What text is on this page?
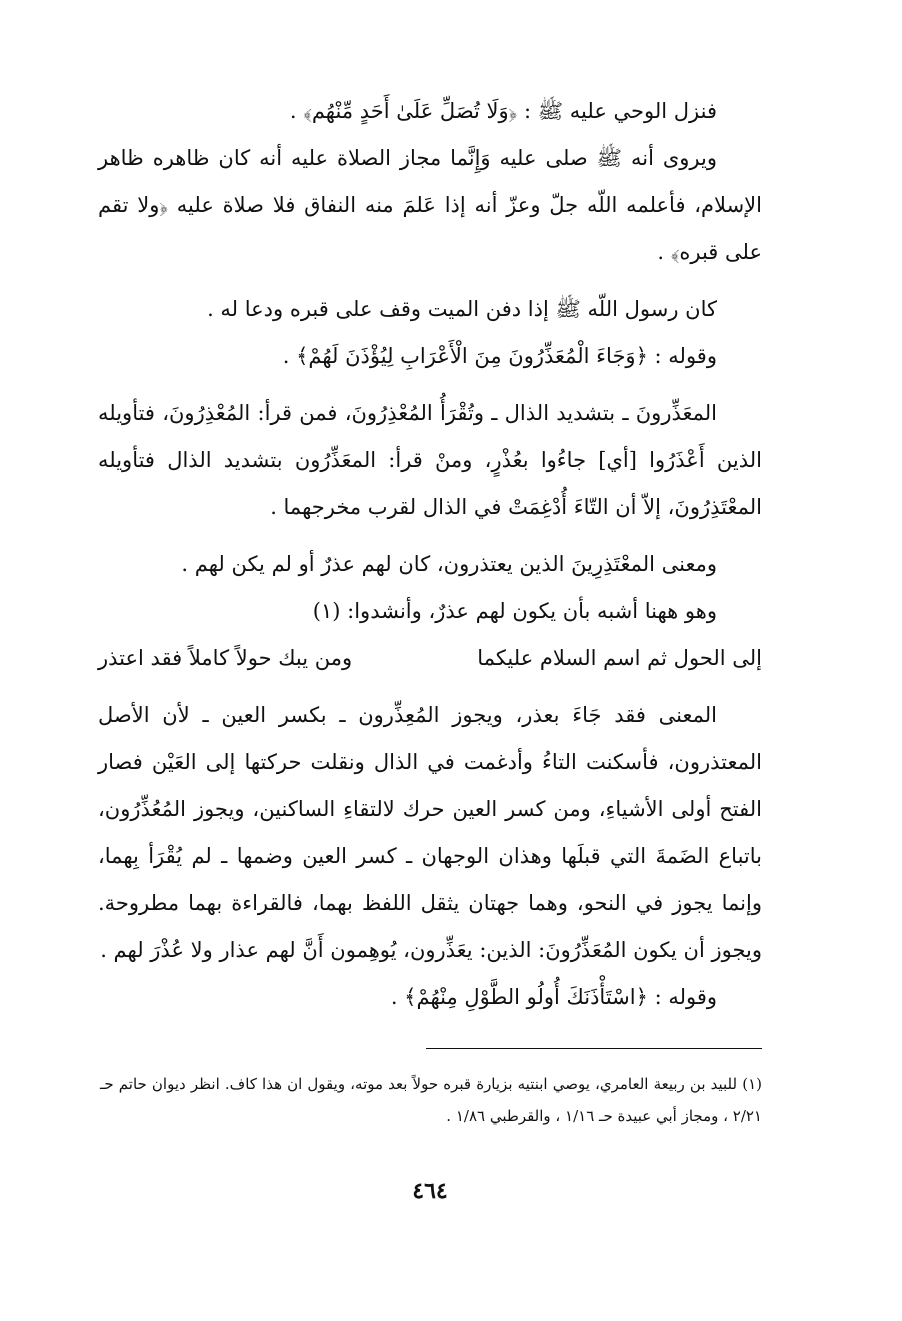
فنزل الوحي عليه ﷺ : ﴿وَلَا تُصَلِّ عَلَىٰ أَحَدٍ مِّنْهُم﴾ .

ويروى أنه ﷺ صلى عليه وَإِنَّما مجاز الصلاة عليه أنه كان ظاهره ظاهر الإسلام، فأعلمه اللّه جلّ وعزّ أنه إذا عَلمَ منه النفاق فلا صلاة عليه ﴿ولا تقم على قبره﴾ .

كان رسول اللّه ﷺ إذا دفن الميت وقف على قبره ودعا له .

وقوله : ﴿وَجَاءَ الْمُعَذِّرُونَ مِنَ الْأَعْرَابِ لِيُؤْذَنَ لَهُمْ﴾ .

المعَذِّرونَ ـ بتشديد الذال ـ وتُقْرَأُ المُعْذِرُونَ، فمن قرأ: المُعْذِرُونَ، فتأويله الذين أَعْذَرُوا [أي] جاءُوا بعُذْرٍ، ومنْ قرأ: المعَذِّرُون بتشديد الذال فتأويله المعْتَذِرُونَ، إلاّ أن التّاءَ أُدْغِمَتْ في الذال لقرب مخرجهما .

ومعنى المعْتَذِرِينَ الذين يعتذرون، كان لهم عذرٌ أو لم يكن لهم .

وهو ههنا أشبه بأن يكون لهم عذرٌ، وأنشدوا: (١)

إلى الحول ثم اسم السلام عليكما
ومن يبك حولاً كاملاً فقد اعتذر

المعنى فقد جَاءَ بعذر، ويجوز المُعِذِّرون ـ بكسر العين ـ لأن الأصل المعتذرون، فأسكنت التاءُ وأدغمت في الذال ونقلت حركتها إلى العَيْن فصار الفتح أولى الأشياءِ، ومن كسر العين حرك لالتقاءِ الساكنين، ويجوز المُعُذِّرُون، باتباع الضَمةَ التي قبلَها وهذان الوجهان ـ كسر العين وضمها ـ لم يُقْرَأ بِهما، وإنما يجوز في النحو، وهما جهتان يثقل اللفظ بهما، فالقراءة بهما مطروحة. ويجوز أن يكون المُعَذِّرُونَ: الذين: يعَذِّرون، يُوهِمون أَنَّ لهم عذار ولا عُذْرَ لهم .

وقوله : ﴿اسْتَأْذَنَكَ أُولُو الطَّوْلِ مِنْهُمْ﴾ .

(١) للبيد بن ربيعة العامري، يوصي ابنتيه بزيارة قبره حولاً بعد موته، ويقول ان هذا كاف. انظر ديوان حاتم حـ ٢/٢١ ، ومجاز أبي عبيدة حـ ١/١٦ ، والقرطبي ١/٨٦ .

٤٦٤
